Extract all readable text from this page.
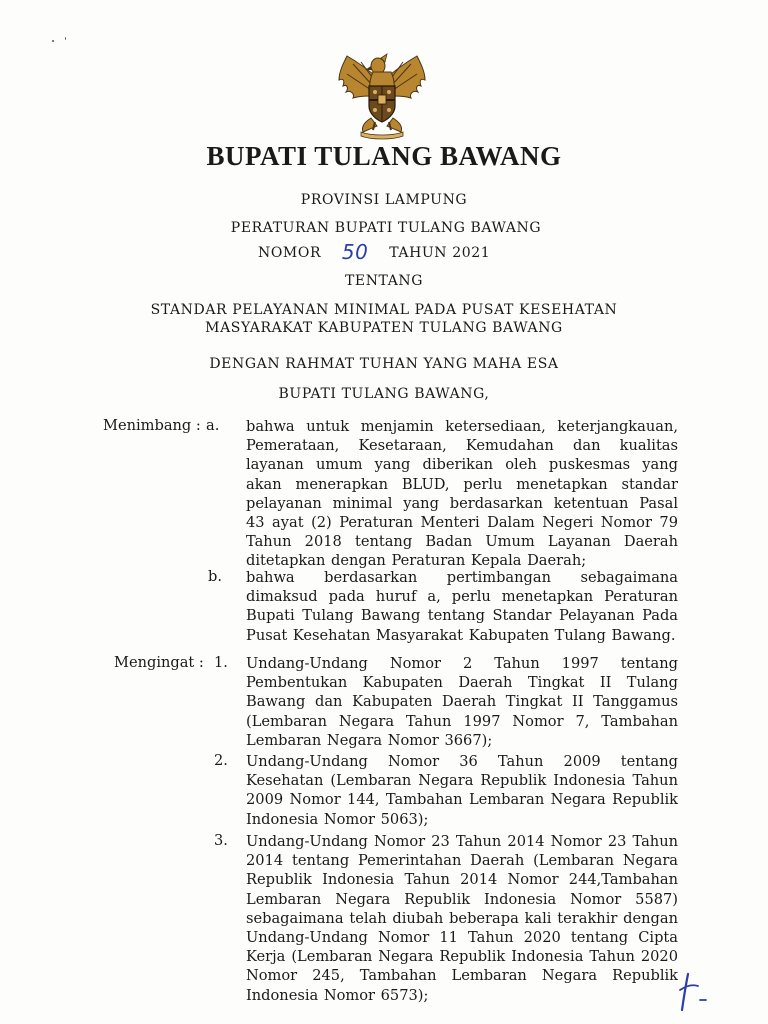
BUPATI TULANG BAWANG
PROVINSI LAMPUNG
PERATURAN BUPATI TULANG BAWANG
NOMOR 50 TAHUN 2021
TENTANG
STANDAR PELAYANAN MINIMAL PADA PUSAT KESEHATAN
MASYARAKAT KABUPATEN TULANG BAWANG
DENGAN RAHMAT TUHAN YANG MAHA ESA
BUPATI TULANG BAWANG,
Menimbang : a. bahwa untuk menjamin ketersediaan, keterjangkauan,
Pemerataan, Kesetaraan, Kemudahan dan kualitas
layanan umum yang diberikan oleh puskesmas yang
akan menerapkan BLUD, perlu menetapkan standar
pelayanan minimal yang berdasarkan ketentuan Pasal
43 ayat (2) Peraturan Menteri Dalam Negeri Nomor 79
Tahun 2018 tentang Badan Umum Layanan Daerah
ditetapkan dengan Peraturan Kepala Daerah;
b. bahwa berdasarkan pertimbangan sebagaimana
dimaksud pada huruf a, perlu menetapkan Peraturan
Bupati Tulang Bawang tentang Standar Pelayanan Pada
Pusat Kesehatan Masyarakat Kabupaten Tulang Bawang.
Mengingat : 1. Undang-Undang Nomor 2 Tahun 1997 tentang
Pembentukan Kabupaten Daerah Tingkat II Tulang
Bawang dan Kabupaten Daerah Tingkat II Tanggamus
(Lembaran Negara Tahun 1997 Nomor 7, Tambahan
Lembaran Negara Nomor 3667);
2. Undang-Undang Nomor 36 Tahun 2009 tentang
Kesehatan (Lembaran Negara Republik Indonesia Tahun
2009 Nomor 144, Tambahan Lembaran Negara Republik
Indonesia Nomor 5063);
3. Undang-Undang Nomor 23 Tahun 2014 Nomor 23 Tahun
2014 tentang Pemerintahan Daerah (Lembaran Negara
Republik Indonesia Tahun 2014 Nomor 244,Tambahan
Lembaran Negara Republik Indonesia Nomor 5587)
sebagaimana telah diubah beberapa kali terakhir dengan
Undang-Undang Nomor 11 Tahun 2020 tentang Cipta
Kerja (Lembaran Negara Republik Indonesia Tahun 2020
Nomor 245, Tambahan Lembaran Negara Republik
Indonesia Nomor 6573);
